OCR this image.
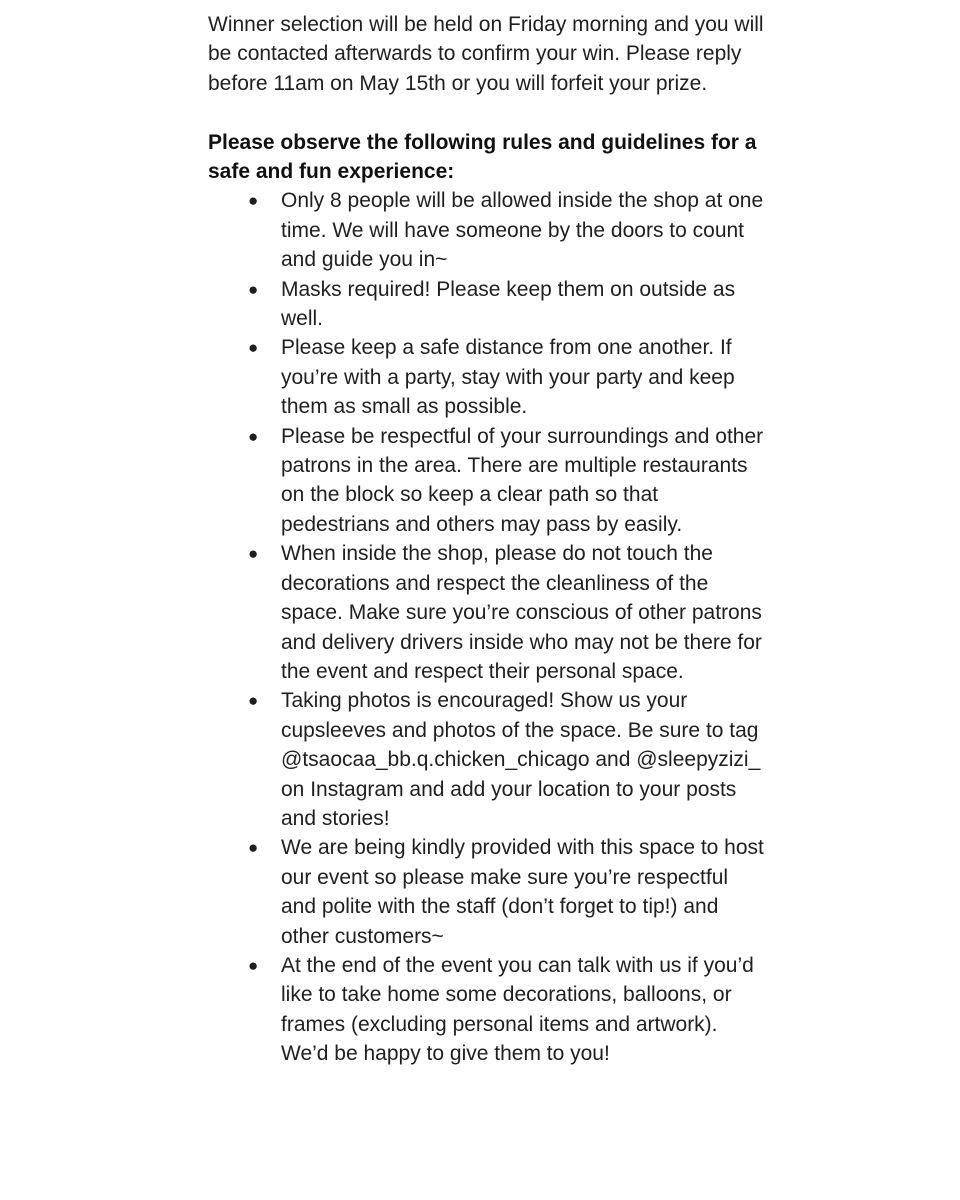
Winner selection will be held on Friday morning and you will be contacted afterwards to confirm your win. Please reply before 11am on May 15th or you will forfeit your prize.

Please observe the following rules and guidelines for a safe and fun experience:

● Only 8 people will be allowed inside the shop at one time. We will have someone by the doors to count and guide you in~
● Masks required! Please keep them on outside as well.
● Please keep a safe distance from one another. If you’re with a party, stay with your party and keep them as small as possible.
● Please be respectful of your surroundings and other patrons in the area. There are multiple restaurants on the block so keep a clear path so that pedestrians and others may pass by easily.
● When inside the shop, please do not touch the decorations and respect the cleanliness of the space. Make sure you’re conscious of other patrons and delivery drivers inside who may not be there for the event and respect their personal space.
● Taking photos is encouraged! Show us your cupsleeves and photos of the space. Be sure to tag @tsaocaa_bb.q.chicken_chicago and @sleepyzizi_ on Instagram and add your location to your posts and stories!
● We are being kindly provided with this space to host our event so please make sure you’re respectful and polite with the staff (don’t forget to tip!) and other customers~
● At the end of the event you can talk with us if you’d like to take home some decorations, balloons, or frames (excluding personal items and artwork). We’d be happy to give them to you!
